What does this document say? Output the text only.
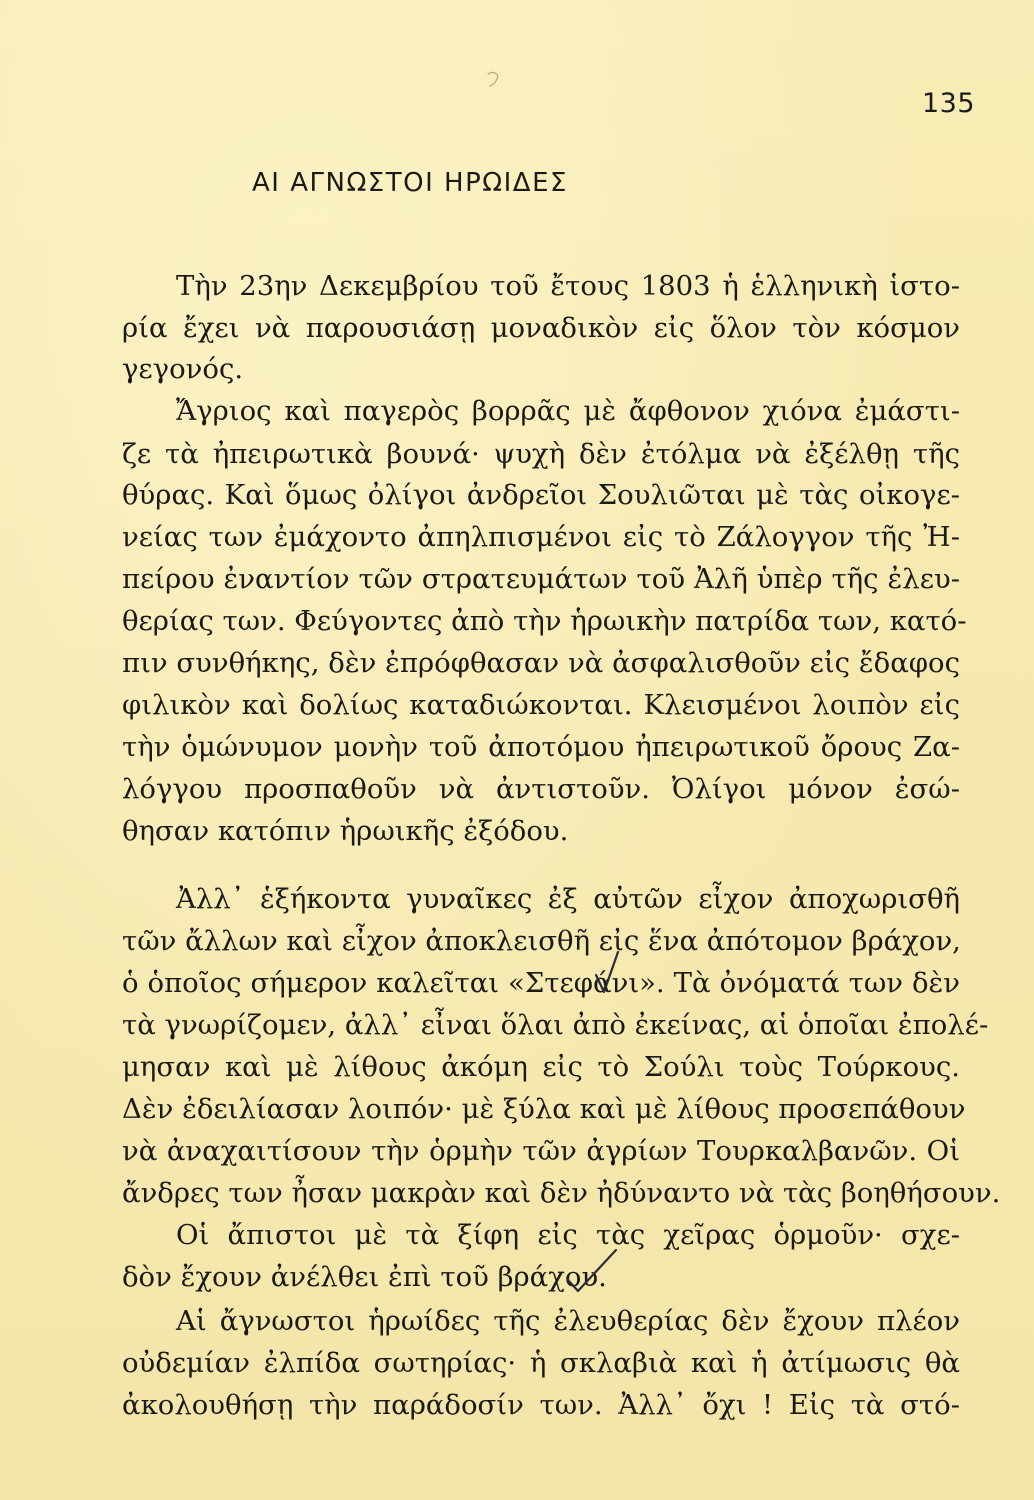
135
ΑΙ ΑΓΝΩΣΤΟΙ ΗΡΩΙΔΕΣ
Τὴν 23ην Δεκεμβρίου τοῦ ἔτους 1803 ἡ ἑλληνικὴ ἱστο-
ρία ἔχει νὰ παρουσιάσῃ μοναδικὸν εἰς ὅλον τὸν κόσμον
γεγονός.
Ἄγριος καὶ παγερὸς βορρᾶς μὲ ἄφθονον χιόνα ἐμάστι-
ζε τὰ ἠπειρωτικὰ βουνά· ψυχὴ δὲν ἐτόλμα νὰ ἐξέλθῃ τῆς
θύρας. Καὶ ὅμως ὀλίγοι ἀνδρεῖοι Σουλιῶται μὲ τὰς οἰκογε-
νείας των ἐμάχοντο ἀπηλπισμένοι εἰς τὸ Ζάλογγον τῆς Ἠ-
πείρου ἐναντίον τῶν στρατευμάτων τοῦ Ἀλῆ ὑπὲρ τῆς ἐλευ-
θερίας των. Φεύγοντες ἀπὸ τὴν ἡρωικὴν πατρίδα των, κατό-
πιν συνθήκης, δὲν ἐπρόφθασαν νὰ ἀσφαλισθοῦν εἰς ἔδαφος
φιλικὸν καὶ δολίως καταδιώκονται. Κλεισμένοι λοιπὸν εἰς
τὴν ὁμώνυμον μονὴν τοῦ ἀποτόμου ἠπειρωτικοῦ ὄρους Ζα-
λόγγου προσπαθοῦν νὰ ἀντιστοῦν. Ὀλίγοι μόνον ἐσώ-
θησαν κατόπιν ἡρωικῆς ἐξόδου.
Ἀλλ᾽ ἑξήκοντα γυναῖκες ἐξ αὐτῶν εἶχον ἀποχωρισθῆ
τῶν ἄλλων καὶ εἶχον ἀποκλεισθῆ εἰς ἕνα ἀπότομον βράχον,
ὁ ὁποῖος σήμερον καλεῖται «Στεφάνι». Τὰ ὀνόματά των δὲν
τὰ γνωρίζομεν, ἀλλ᾽ εἶναι ὅλαι ἀπὸ ἐκείνας, αἱ ὁποῖαι ἐπολέ-
μησαν καὶ μὲ λίθους ἀκόμη εἰς τὸ Σούλι τοὺς Τούρκους.
Δὲν ἐδειλίασαν λοιπόν· μὲ ξύλα καὶ μὲ λίθους προσεπάθουν
νὰ ἀναχαιτίσουν τὴν ὁρμὴν τῶν ἀγρίων Τουρκαλβανῶν. Οἱ
ἄνδρες των ἦσαν μακρὰν καὶ δὲν ἠδύναντο νὰ τὰς βοηθήσουν.
Οἱ ἄπιστοι μὲ τὰ ξίφη εἰς τὰς χεῖρας ὁρμοῦν· σχε-
δὸν ἔχουν ἀνέλθει ἐπὶ τοῦ βράχου.
Αἱ ἄγνωστοι ἡρωίδες τῆς ἐλευθερίας δὲν ἔχουν πλέον
οὐδεμίαν ἐλπίδα σωτηρίας· ἡ σκλαβιὰ καὶ ἡ ἀτίμωσις θὰ
ἀκολουθήσῃ τὴν παράδοσίν των. Ἀλλ᾽ ὄχι ! Εἰς τὰ στό-
